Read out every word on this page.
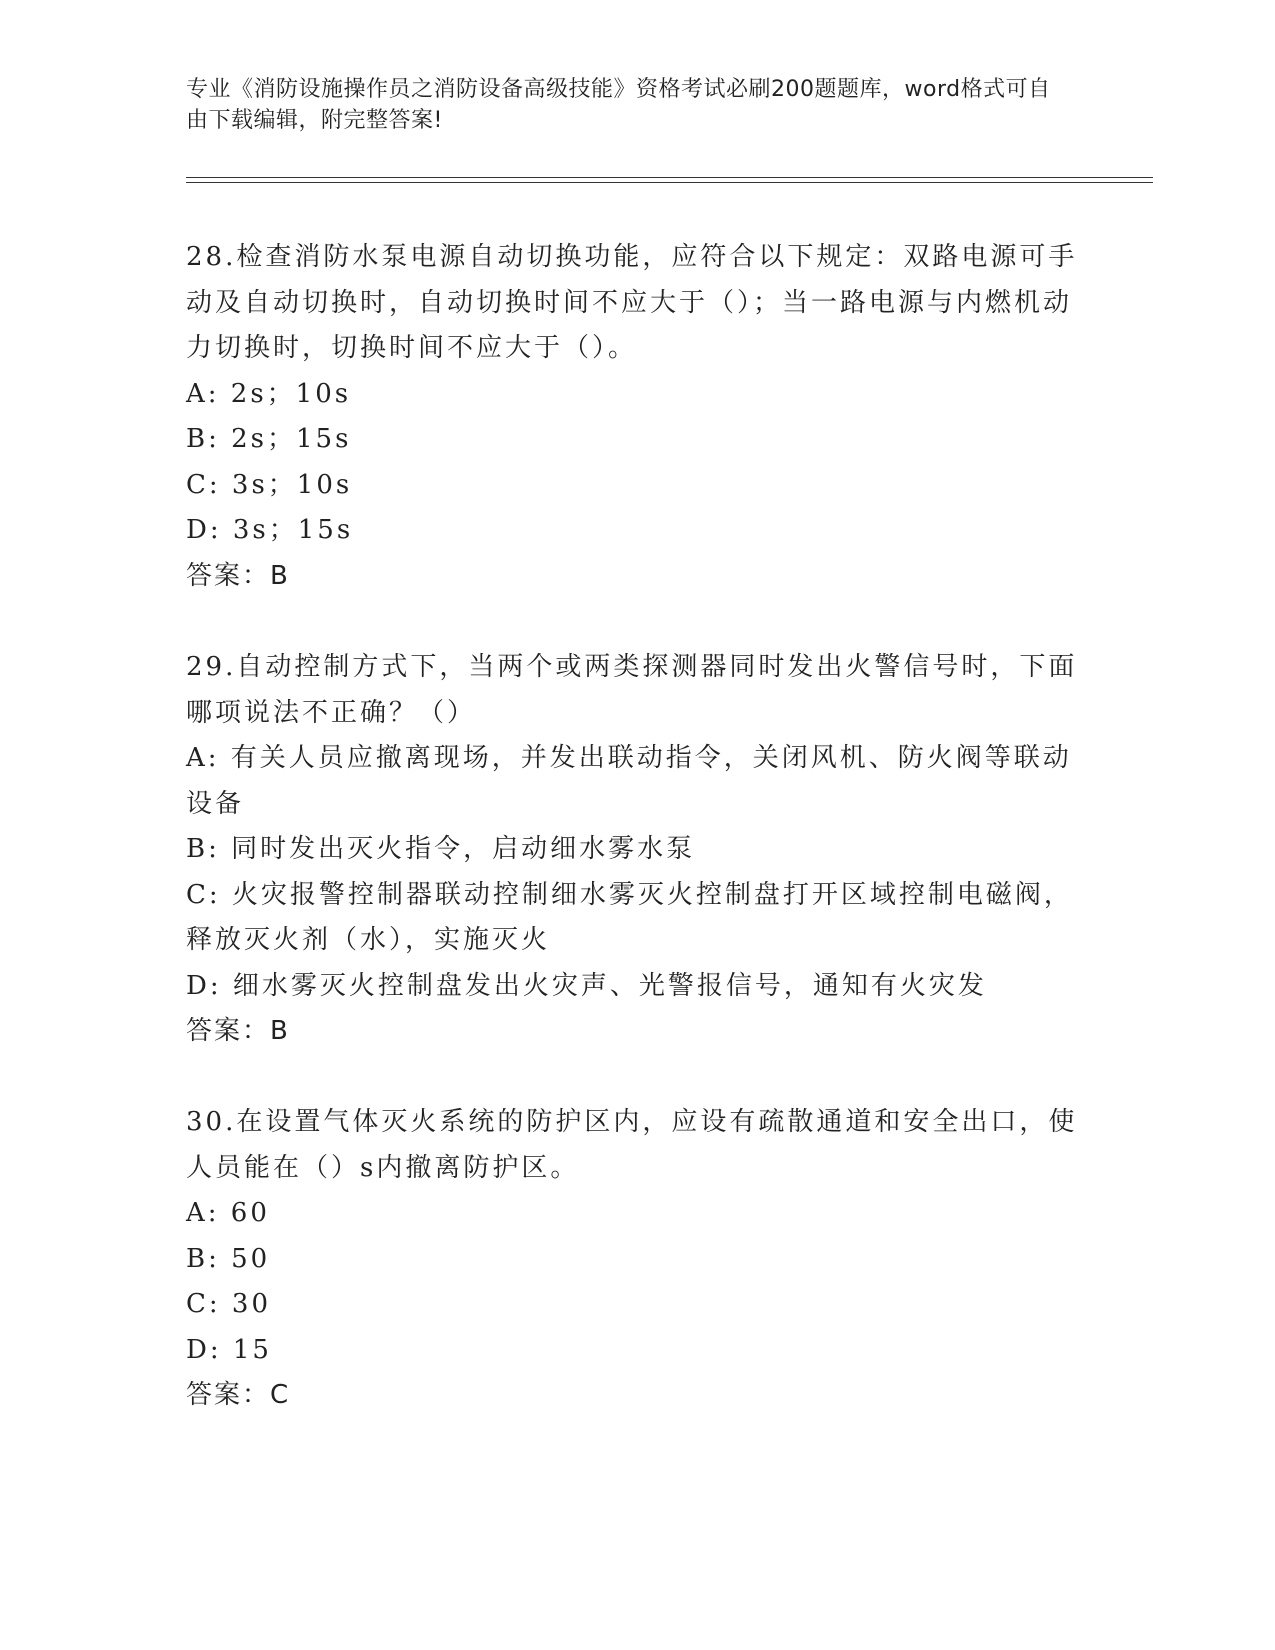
专业《消防设施操作员之消防设备高级技能》资格考试必刷200题题库，word格式可自由下载编辑，附完整答案!

28.检查消防水泵电源自动切换功能，应符合以下规定：双路电源可手动及自动切换时，自动切换时间不应大于（）；当一路电源与内燃机动力切换时，切换时间不应大于（）。

A: 2s；10s

B: 2s；15s

C: 3s；10s

D: 3s；15s

答案：B

29.自动控制方式下，当两个或两类探测器同时发出火警信号时，下面哪项说法不正确？（）

A: 有关人员应撤离现场，并发出联动指令，关闭风机、防火阀等联动设备

B: 同时发出灭火指令，启动细水雾水泵

C: 火灾报警控制器联动控制细水雾灭火控制盘打开区域控制电磁阀，释放灭火剂（水），实施灭火

D: 细水雾灭火控制盘发出火灾声、光警报信号，通知有火灾发

答案：B

30.在设置气体灭火系统的防护区内，应设有疏散通道和安全出口，使人员能在（）s内撤离防护区。

A: 60

B: 50

C: 30

D: 15

答案：C
